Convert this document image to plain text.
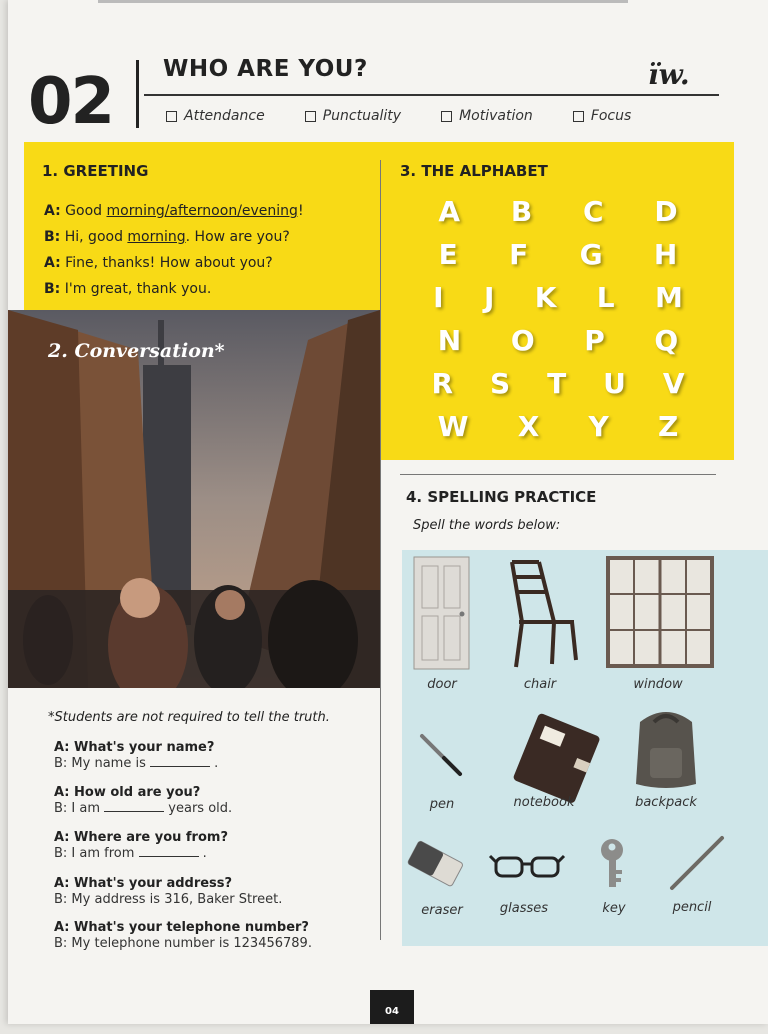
02 WHO ARE YOU?	ïw.
Attendance	Punctuality	Motivation	Focus
1. GREETING
A: Good morning/afternoon/evening!
B: Hi, good morning. How are you?
A: Fine, thanks! How about you?
B: I'm great, thank you.
3. THE ALPHABET
A B C D
E F G H
I J K L M
N O P Q
R S T U V
W X Y Z
2. Conversation*
*Students are not required to tell the truth.
A: What's your name?
B: My name is	.
A: How old are you?
B: I am	years old.
A: Where are you from?
B: I am from	.
A: What's your address?
B: My address is 316, Baker Street.
A: What's your telephone number?
B: My telephone number is 123456789.
4. SPELLING PRACTICE
Spell the words below:
door	chair	window
pen	notebook	backpack
eraser	glasses	key	pencil
04
